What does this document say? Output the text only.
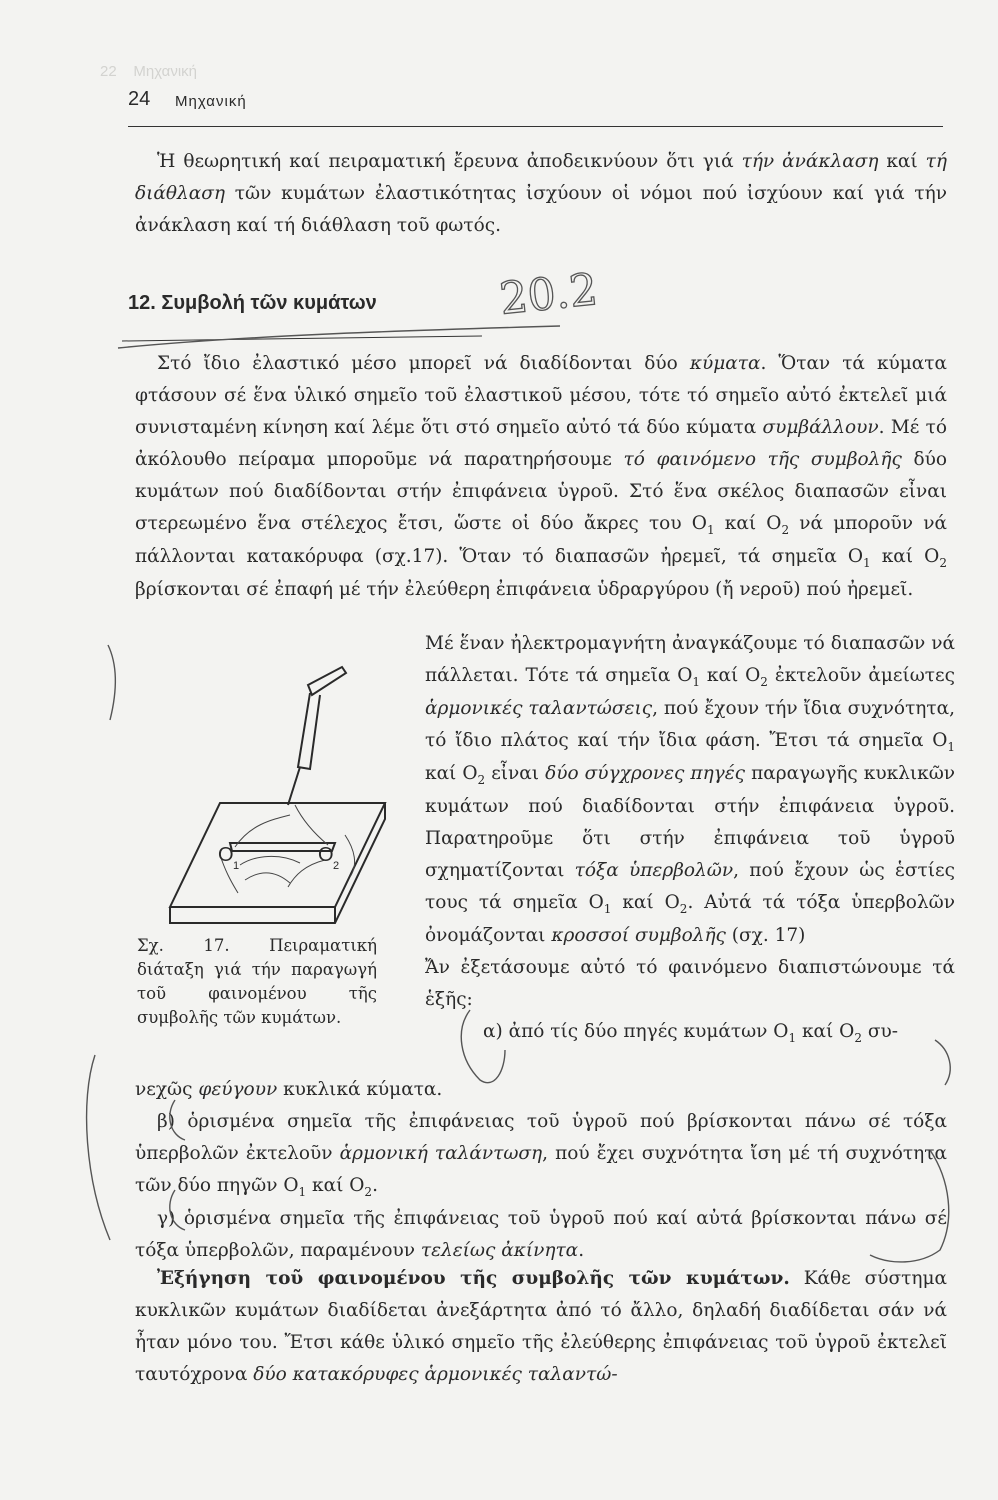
22 Μηχανική
24 Μηχανική

Ἡ θεωρητική καί πειραματική ἔρευνα ἀποδεικνύουν ὅτι γιά τήν ἀνάκλαση καί τή διάθλαση τῶν κυμάτων ἐλαστικότητας ἰσχύουν οἱ νόμοι πού ἰσχύουν καί γιά τήν ἀνάκλαση καί τή διάθλαση τοῦ φωτός.

12. Συμβολή τῶν κυμάτων

Στό ἴδιο ἐλαστικό μέσο μπορεῖ νά διαδίδονται δύο κύματα. Ὅταν τά κύματα φτάσουν σέ ἕνα ὑλικό σημεῖο τοῦ ἐλαστικοῦ μέσου, τότε τό σημεῖο αὐτό ἐκτελεῖ μιά συνισταμένη κίνηση καί λέμε ὅτι στό σημεῖο αὐτό τά δύο κύματα συμβάλλουν. Μέ τό ἀκόλουθο πείραμα μποροῦμε νά παρατηρήσουμε τό φαινόμενο τῆς συμβολῆς δύο κυμάτων πού διαδίδονται στήν ἐπιφάνεια ὑγροῦ. Στό ἕνα σκέλος διαπασῶν εἶναι στερεωμένο ἕνα στέλεχος ἔτσι, ὥστε οἱ δύο ἄκρες του $O_1$ καί $O_2$ νά μποροῦν νά πάλλονται κατακόρυφα (σχ.17). Ὅταν τό διαπασῶν ἠρεμεῖ, τά σημεῖα $O_1$ καί $O_2$ βρίσκονται σέ ἐπαφή μέ τήν ἐλεύθερη ἐπιφάνεια ὑδραργύρου (ἤ νεροῦ) πού ἠρεμεῖ.

O 1	O 2
Σχ. 17. Πειραματική διάταξη γιά τήν παραγωγή τοῦ φαινομένου τῆς συμβολῆς τῶν κυμάτων.

Μέ ἕναν ἠλεκτρομαγνήτη ἀναγκάζουμε τό διαπασῶν νά πάλλεται. Τότε τά σημεῖα $O_1$ καί $O_2$ ἐκτελοῦν ἀμείωτες ἁρμονικές ταλαντώσεις, πού ἔχουν τήν ἴδια συχνότητα, τό ἴδιο πλάτος καί τήν ἴδια φάση. Ἔτσι τά σημεῖα $O_1$ καί $O_2$ εἶναι δύο σύγχρονες πηγές παραγωγῆς κυκλικῶν κυμάτων πού διαδίδονται στήν ἐπιφάνεια ὑγροῦ. Παρατηροῦμε ὅτι στήν ἐπιφάνεια τοῦ ὑγροῦ σχηματίζονται τόξα ὑπερβολῶν, πού ἔχουν ὡς ἑστίες τους τά σημεῖα $O_1$ καί $O_2$. Αὐτά τά τόξα ὑπερβολῶν ὀνομάζονται κροσσοί συμβολῆς (σχ. 17)

Ἄν ἐξετάσουμε αὐτό τό φαινόμενο διαπιστώνουμε τά ἑξῆς:

α) ἀπό τίς δύο πηγές κυμάτων $O_1$ καί $O_2$ συ-

νεχῶς φεύγουν κυκλικά κύματα.

β) ὁρισμένα σημεῖα τῆς ἐπιφάνειας τοῦ ὑγροῦ πού βρίσκονται πάνω σέ τόξα ὑπερβολῶν ἐκτελοῦν ἁρμονική ταλάντωση, πού ἔχει συχνότητα ἴση μέ τή συχνότητα τῶν δύο πηγῶν $O_1$ καί $O_2$.

γ) ὁρισμένα σημεῖα τῆς ἐπιφάνειας τοῦ ὑγροῦ πού καί αὐτά βρίσκονται πάνω σέ τόξα ὑπερβολῶν, παραμένουν τελείως ἀκίνητα.

Ἐξήγηση τοῦ φαινομένου τῆς συμβολῆς τῶν κυμάτων. Κάθε σύστημα κυκλικῶν κυμάτων διαδίδεται ἀνεξάρτητα ἀπό τό ἄλλο, δηλαδή διαδίδεται σάν νά ἦταν μόνο του. Ἔτσι κάθε ὑλικό σημεῖο τῆς ἐλεύθερης ἐπιφάνειας τοῦ ὑγροῦ ἐκτελεῖ ταυτόχρονα δύο κατακόρυφες ἁρμονικές ταλαντώ-

20.2
